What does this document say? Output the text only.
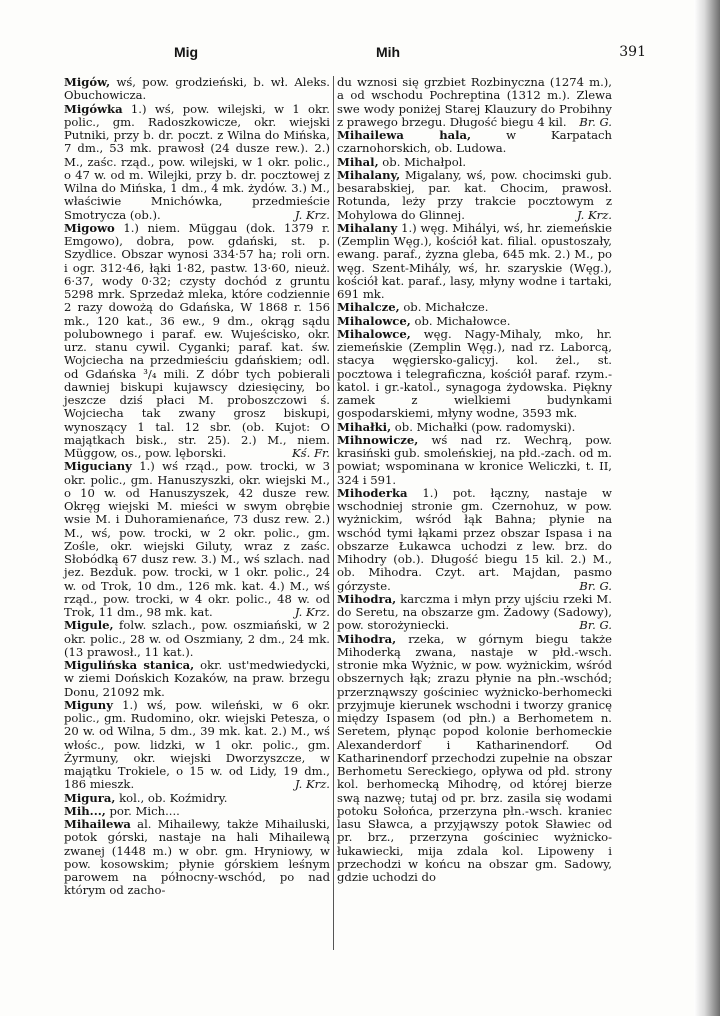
Mig	Mih	391

Migów, wś, pow. grodzieński, b. wł. Aleks. Obuchowicza.

Migówka 1.) wś, pow. wilejski, w 1 okr. polic., gm. Radoszkowicze, okr. wiejski Putniki, przy b. dr. poczt. z Wilna do Mińska, 7 dm., 53 mk. prawosł (24 dusze rew.). 2.) M., zaśc. rząd., pow. wilejski, w 1 okr. polic., o 47 w. od m. Wilejki, przy b. dr. pocztowej z Wilna do Mińska, 1 dm., 4 mk. żydów. 3.) M., właściwie Mnichówka, przedmieście Smotrycza (ob.).	J. Krz.

Migowo 1.) niem. Müggau (dok. 1379 r. Emgowo), dobra, pow. gdański, st. p. Szydlice. Obszar wynosi 334·57 ha; roli orn. i ogr. 312·46, łąki 1·82, pastw. 13·60, nieuż. 6·37, wody 0·32; czysty dochód z gruntu 5298 mrk. Sprzedaż mleka, które codziennie 2 razy dowożą do Gdańska, W 1868 r. 156 mk., 120 kat., 36 ew., 9 dm., okrąg sądu polubownego i paraf. ew. Wujeścisko, okr. urz. stanu cywil. Cyganki; paraf. kat. św. Wojciecha na przedmieściu gdańskiem; odl. od Gdańska ³/₄ mili. Z dóbr tych pobierali dawniej biskupi kujawscy dziesięciny, bo jeszcze dziś płaci M. proboszczowi ś. Wojciecha tak zwany grosz biskupi, wynoszący 1 tal. 12 sbr. (ob. Kujot: O majątkach bisk., str. 25). 2.) M., niem. Müggow, os., pow. lęborski.	Kś. Fr.

Miguciany 1.) wś rząd., pow. trocki, w 3 okr. polic., gm. Hanuszyszki, okr. wiejski M., o 10 w. od Hanuszyszek, 42 dusze rew. Okręg wiejski M. mieści w swym obrębie wsie M. i Duhoramienańce, 73 dusz rew. 2.) M., wś, pow. trocki, w 2 okr. polic., gm. Zośle, okr. wiejski Giluty, wraz z zaśc. Słobódką 67 dusz rew. 3.) M., wś szlach. nad jez. Bezduk. pow. trocki, w 1 okr. polic., 24 w. od Trok, 10 dm., 126 mk. kat. 4.) M., wś rząd., pow. trocki, w 4 okr. polic., 48 w. od Trok, 11 dm., 98 mk. kat.	J. Krz.

Migule, folw. szlach., pow. oszmiański, w 2 okr. polic., 28 w. od Oszmiany, 2 dm., 24 mk. (13 prawosł., 11 kat.).

Migulińska stanica, okr. ust'medwiedycki, w ziemi Dońskich Kozaków, na praw. brzegu Donu, 21092 mk.

Miguny 1.) wś, pow. wileński, w 6 okr. polic., gm. Rudomino, okr. wiejski Petesza, o 20 w. od Wilna, 5 dm., 39 mk. kat. 2.) M., wś włośc., pow. lidzki, w 1 okr. polic., gm. Żyrmuny, okr. wiejski Dworzyszcze, w majątku Trokiele, o 15 w. od Lidy, 19 dm., 186 mieszk.	J. Krz.

Migura, kol., ob. Koźmidry.

Mih..., por. Mich....

Mihailewa al. Mihailewy, także Mihailuski, potok górski, nastaje na hali Mihailewą zwanej (1448 m.) w obr. gm. Hryniowy, w pow. kosowskim; płynie górskiem leśnym parowem na północny-wschód, po nad którym od zacho-

du wznosi się grzbiet Rozbinyczna (1274 m.), a od wschodu Pochreptina (1312 m.). Zlewa swe wody poniżej Starej Klauzury do Probihny z prawego brzegu. Długość biegu 4 kil. Br. G.

Mihailewa hala, w Karpatach czarnohorskich, ob. Ludowa.

Mihal, ob. Michałpol.

Mihalany, Migalany, wś, pow. chocimski gub. besarabskiej, par. kat. Chocim, prawosł. Rotunda, leży przy trakcie pocztowym z Mohylowa do Glinnej.	J. Krz.

Mihalany 1.) węg. Mihályi, wś, hr. ziemeńskie (Zemplin Węg.), kościół kat. filial. opustoszały, ewang. paraf., żyzna gleba, 645 mk. 2.) M., po węg. Szent-Mihály, wś, hr. szaryskie (Węg.), kościół kat. paraf., lasy, młyny wodne i tartaki, 691 mk.

Mihalcze, ob. Michałcze.

Mihalowce, ob. Michałowce.

Mihalowce, węg. Nagy-Mihaly, mko, hr. ziemeńskie (Zemplin Węg.), nad rz. Laborcą, stacya węgiersko-galicyj. kol. żel., st. pocztowa i telegraficzna, kościół paraf. rzym.-katol. i gr.-katol., synagoga żydowska. Piękny zamek z wielkiemi budynkami gospodarskiemi, młyny wodne, 3593 mk.

Mihałki, ob. Michałki (pow. radomyski).

Mihnowicze, wś nad rz. Wechrą, pow. krasiński gub. smoleńskiej, na płd.-zach. od m. powiat; wspominana w kronice Weliczki, t. II, 324 i 591.

Mihoderka 1.) pot. łączny, nastaje w wschodniej stronie gm. Czernohuz, w pow. wyżnickim, wśród łąk Bahna; płynie na wschód tymi łąkami przez obszar Ispasa i na obszarze Łukawca uchodzi z lew. brz. do Mihodry (ob.). Długość biegu 15 kil. 2.) M., ob. Mihodra. Czyt. art. Majdan, pasmo górzyste.	Br. G.

Mihodra, karczma i młyn przy ujściu rzeki M. do Seretu, na obszarze gm. Żadowy (Sadowy), pow. storożyniecki.	Br. G.

Mihodra, rzeka, w górnym biegu także Mihoderką zwana, nastaje w płd.-wsch. stronie mka Wyżnic, w pow. wyżnickim, wśród obszernych łąk; zrazu płynie na płn.-wschód; przerznąwszy gościniec wyżnicko-berhomecki przyjmuje kierunek wschodni i tworzy granicę między Ispasem (od płn.) a Berhometem n. Seretem, płynąc popod kolonie berhomeckie Alexanderdorf i Katharinendorf. Od Katharinendorf przechodzi zupełnie na obszar Berhometu Sereckiego, opływa od płd. strony kol. berhomecką Mihodrę, od której bierze swą nazwę; tutaj od pr. brz. zasila się wodami potoku Sołońca, przerzyna płn.-wsch. kraniec lasu Sławca, a przyjąwszy potok Sławiec od pr. brz., przerzyna gościniec wyżnicko-łukawiecki, mija zdala kol. Lipoweny i przechodzi w końcu na obszar gm. Sadowy, gdzie uchodzi do
